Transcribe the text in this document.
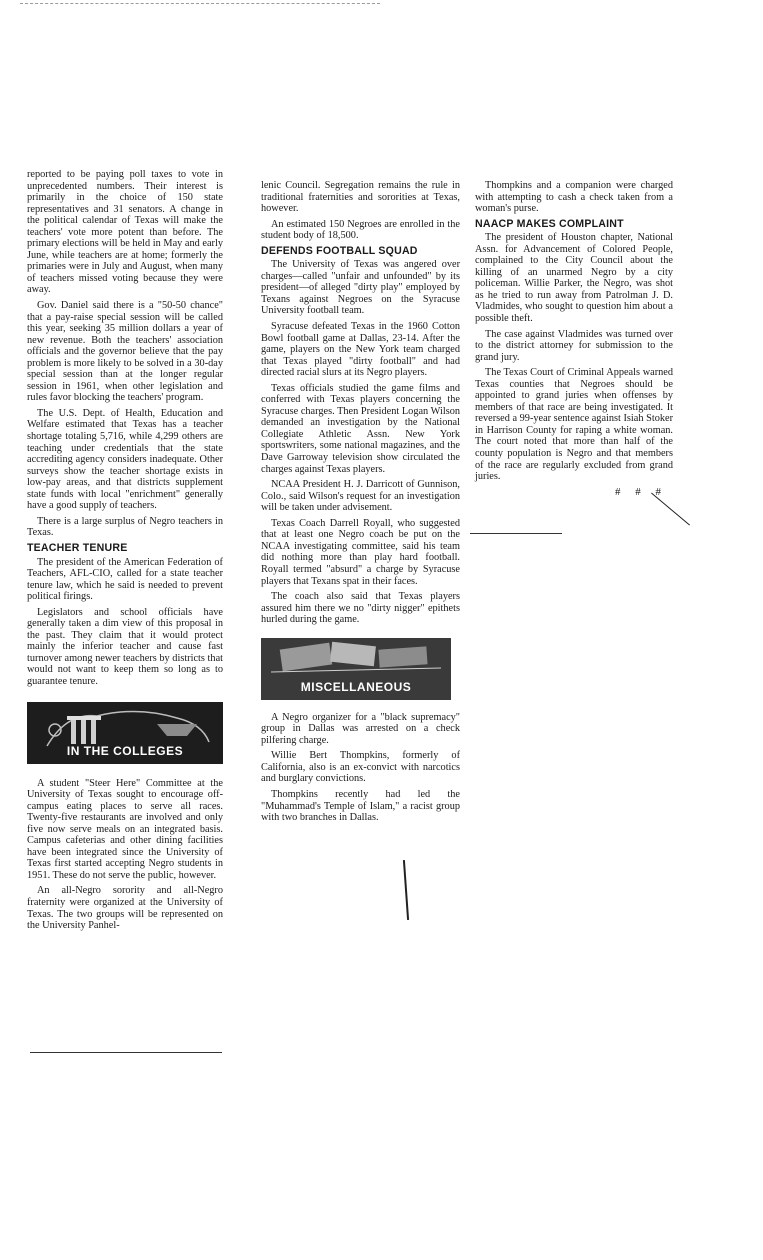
reported to be paying poll taxes to vote in unprecedented numbers. Their interest is primarily in the choice of 150 state representatives and 31 senators. A change in the political calendar of Texas will make the teachers' vote more potent than before. The primary elections will be held in May and early June, while teachers are at home; formerly the primaries were in July and August, when many of teachers missed voting because they were away.

Gov. Daniel said there is a "50-50 chance" that a pay-raise special session will be called this year, seeking 35 million dollars a year of new revenue. Both the teachers' association officials and the governor believe that the pay problem is more likely to be solved in a 30-day special session than at the longer regular session in 1961, when other legislation and rules favor blocking the teachers' program.

The U.S. Dept. of Health, Education and Welfare estimated that Texas has a teacher shortage totaling 5,716, while 4,299 others are teaching under credentials that the state accrediting agency considers inadequate. Other surveys show the teacher shortage exists in low-pay areas, and that districts supplement state funds with local "enrichment" generally have a good supply of teachers.

There is a large surplus of Negro teachers in Texas.

TEACHER TENURE

The president of the American Federation of Teachers, AFL-CIO, called for a state teacher tenure law, which he said is needed to prevent political firings.

Legislators and school officials have generally taken a dim view of this proposal in the past. They claim that it would protect mainly the inferior teacher and cause fast turnover among newer teachers by districts that would not want to keep them so long as to guarantee tenure.

IN THE COLLEGES

A student "Steer Here" Committee at the University of Texas sought to encourage off-campus eating places to serve all races. Twenty-five restaurants are involved and only five now serve meals on an integrated basis. Campus cafeterias and other dining facilities have been integrated since the University of Texas first started accepting Negro students in 1951. These do not serve the public, however.

An all-Negro sorority and all-Negro fraternity were organized at the University of Texas. The two groups will be represented on the University Panhel-

lenic Council. Segregation remains the rule in traditional fraternities and sororities at Texas, however.

An estimated 150 Negroes are enrolled in the student body of 18,500.

DEFENDS FOOTBALL SQUAD

The University of Texas was angered over charges—called "unfair and unfounded" by its president—of alleged "dirty play" employed by Texans against Negroes on the Syracuse University football team.

Syracuse defeated Texas in the 1960 Cotton Bowl football game at Dallas, 23-14. After the game, players on the New York team charged that Texas played "dirty football" and had directed racial slurs at its Negro players.

Texas officials studied the game films and conferred with Texas players concerning the Syracuse charges. Then President Logan Wilson demanded an investigation by the National Collegiate Athletic Assn. New York sportswriters, some national magazines, and the Dave Garroway television show circulated the charges against Texas players.

NCAA President H. J. Darricott of Gunnison, Colo., said Wilson's request for an investigation will be taken under advisement.

Texas Coach Darrell Royall, who suggested that at least one Negro coach be put on the NCAA investigating committee, said his team did nothing more than play hard football. Royall termed "absurd" a charge by Syracuse players that Texans spat in their faces.

The coach also said that Texas players assured him there we no "dirty nigger" epithets hurled during the game.

MISCELLANEOUS

A Negro organizer for a "black supremacy" group in Dallas was arrested on a check pilfering charge.

Willie Bert Thompkins, formerly of California, also is an ex-convict with narcotics and burglary convictions.

Thompkins recently had led the "Muhammad's Temple of Islam," a racist group with two branches in Dallas.

Thompkins and a companion were charged with attempting to cash a check taken from a woman's purse.

NAACP MAKES COMPLAINT

The president of Houston chapter, National Assn. for Advancement of Colored People, complained to the City Council about the killing of an unarmed Negro by a city policeman. Willie Parker, the Negro, was shot as he tried to run away from Patrolman J. D. Vladmides, who sought to question him about a possible theft.

The case against Vladmides was turned over to the district attorney for submission to the grand jury.

The Texas Court of Criminal Appeals warned Texas counties that Negroes should be appointed to grand juries when offenses by members of that race are being investigated. It reversed a 99-year sentence against Isiah Stoker in Harrison County for raping a white woman. The court noted that more than half of the county population is Negro and that members of the race are regularly excluded from grand juries.

# # #
